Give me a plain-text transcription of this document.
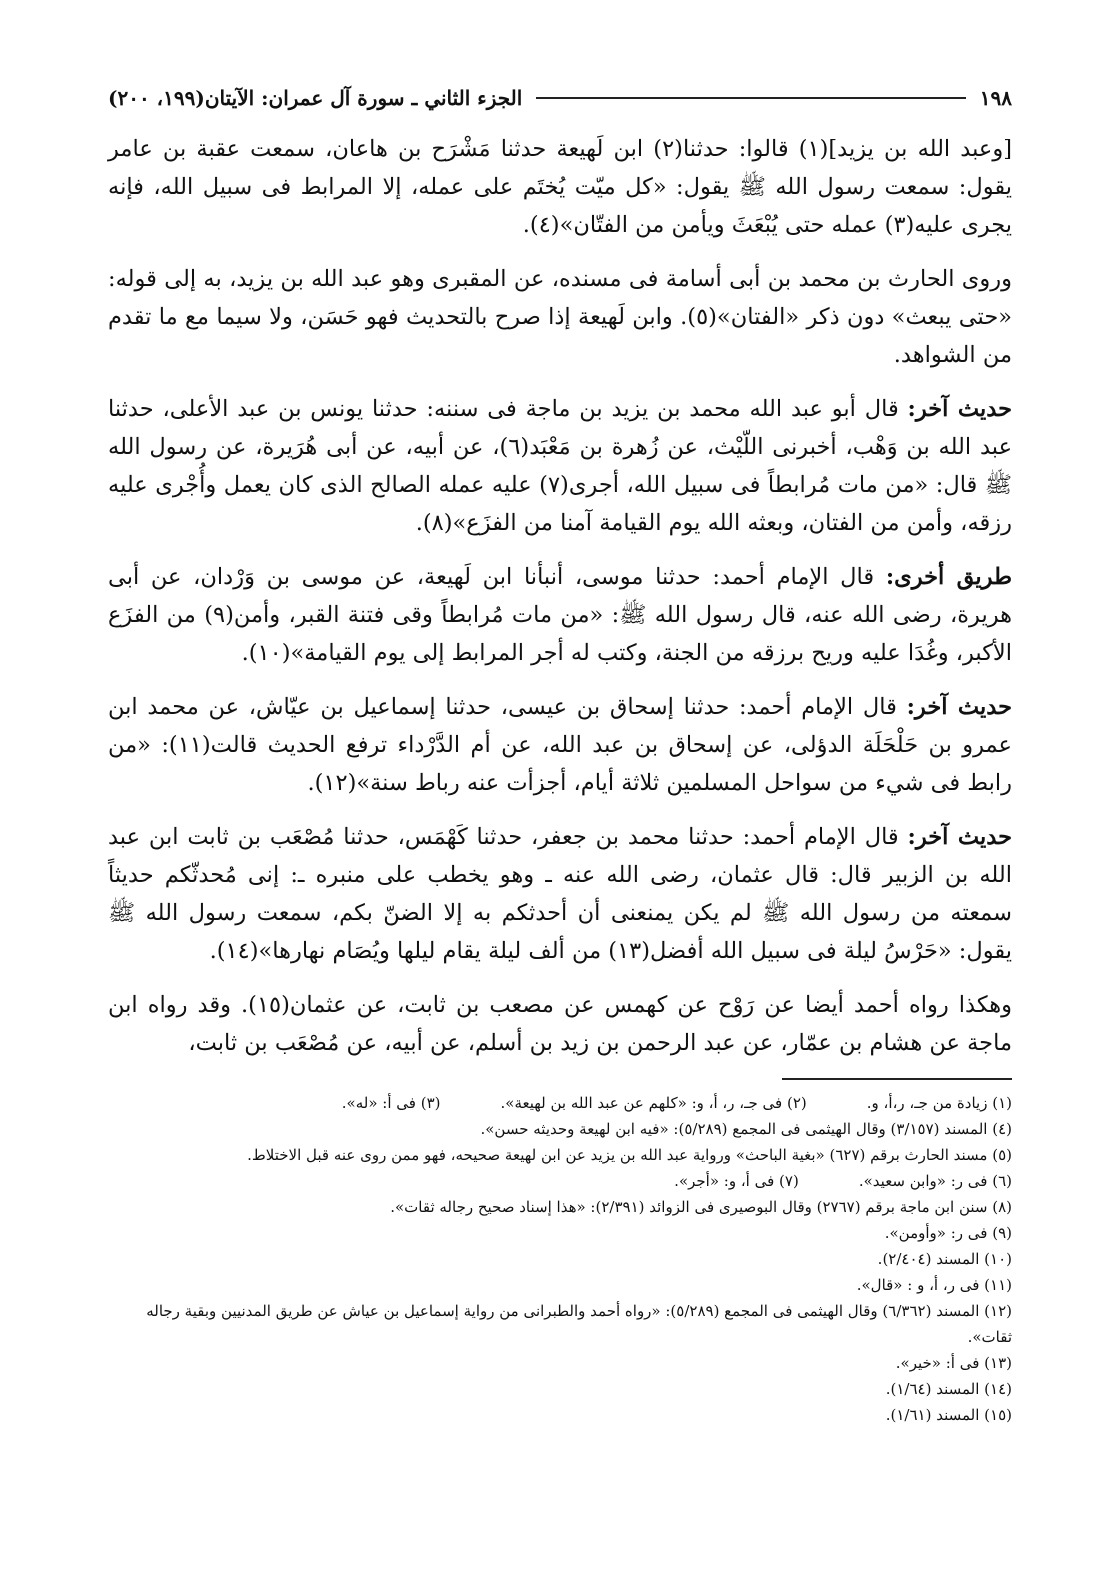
١٩٨
الجزء الثاني ـ سورة آل عمران: الآيتان(١٩٩، ٢٠٠)

[وعبد الله بن يزيد](١) قالوا: حدثنا(٢) ابن لَهيعة حدثنا مَشْرَح بن هاعان، سمعت عقبة بن عامر يقول: سمعت رسول الله ﷺ يقول: «كل ميّت يُختَم على عمله، إلا المرابط فى سبيل الله، فإنه يجرى عليه(٣) عمله حتى يُبْعَثَ ويأمن من الفتّان»(٤).

وروى الحارث بن محمد بن أبى أسامة فى مسنده، عن المقبرى وهو عبد الله بن يزيد، به إلى قوله: «حتى يبعث» دون ذكر «الفتان»(٥). وابن لَهيعة إذا صرح بالتحديث فهو حَسَن، ولا سيما مع ما تقدم من الشواهد.

حديث آخر: قال أبو عبد الله محمد بن يزيد بن ماجة فى سننه: حدثنا يونس بن عبد الأعلى، حدثنا عبد الله بن وَهْب، أخبرنى اللّيْث، عن زُهرة بن مَعْبَد(٦)، عن أبيه، عن أبى هُرَيرة، عن رسول الله ﷺ قال: «من مات مُرابطاً فى سبيل الله، أجرى(٧) عليه عمله الصالح الذى كان يعمل وأُجْرى عليه رزقه، وأمن من الفتان، وبعثه الله يوم القيامة آمنا من الفزَع»(٨).

طريق أخرى: قال الإمام أحمد: حدثنا موسى، أنبأنا ابن لَهيعة، عن موسى بن وَرْدان، عن أبى هريرة، رضى الله عنه، قال رسول الله ﷺ: «من مات مُرابطاً وقى فتنة القبر، وأمن(٩) من الفزَع الأكبر، وغُدَا عليه وريح برزقه من الجنة، وكتب له أجر المرابط إلى يوم القيامة»(١٠).

حديث آخر: قال الإمام أحمد: حدثنا إسحاق بن عيسى، حدثنا إسماعيل بن عيّاش، عن محمد ابن عمرو بن حَلْحَلَة الدؤلى، عن إسحاق بن عبد الله، عن أم الدَّرْداء ترفع الحديث قالت(١١): «من رابط فى شيء من سواحل المسلمين ثلاثة أيام، أجزأت عنه رباط سنة»(١٢).

حديث آخر: قال الإمام أحمد: حدثنا محمد بن جعفر، حدثنا كَهْمَس، حدثنا مُصْعَب بن ثابت ابن عبد الله بن الزبير قال: قال عثمان، رضى الله عنه ـ وهو يخطب على منبره ـ: إنى مُحدثّكم حديثاً سمعته من رسول الله ﷺ لم يكن يمنعنى أن أحدثكم به إلا الضنّ بكم، سمعت رسول الله ﷺ يقول: «حَرْسُ ليلة فى سبيل الله أفضل(١٣) من ألف ليلة يقام ليلها ويُصَام نهارها»(١٤).

وهكذا رواه أحمد أيضا عن رَوْح عن كهمس عن مصعب بن ثابت، عن عثمان(١٥). وقد رواه ابن ماجة عن هشام بن عمّار، عن عبد الرحمن بن زيد بن أسلم، عن أبيه، عن مُصْعَب بن ثابت،

(١) زيادة من جـ، ر،أ، و.
(٢) فى جـ، ر، أ، و: «كلهم عن عبد الله بن لهيعة».
(٣) فى أ: «له».
(٤) المسند (٣/١٥٧) وقال الهيثمى فى المجمع (٥/٢٨٩): «فيه ابن لهيعة وحديثه حسن».
(٥) مسند الحارث برقم (٦٢٧) «بغية الباحث» ورواية عبد الله بن يزيد عن ابن لهيعة صحيحه، فهو ممن روى عنه قبل الاختلاط.
(٦) فى ر: «وابن سعيد».
(٧) فى أ، و: «أجر».
(٨) سنن ابن ماجة برقم (٢٧٦٧) وقال البوصيرى فى الزوائد (٢/٣٩١): «هذا إسناد صحيح رجاله ثقات».
(٩) فى ر: «وأومن».
(١٠) المسند (٢/٤٠٤).
(١١) فى ر، أ، و : «قال».
(١٢) المسند (٦/٣٦٢) وقال الهيثمى فى المجمع (٥/٢٨٩): «رواه أحمد والطبرانى من رواية إسماعيل بن عياش عن طريق المدنيين وبقية رجاله ثقات».
(١٣) فى أ: «خير».
(١٤) المسند (١/٦٤).
(١٥) المسند (١/٦١).
